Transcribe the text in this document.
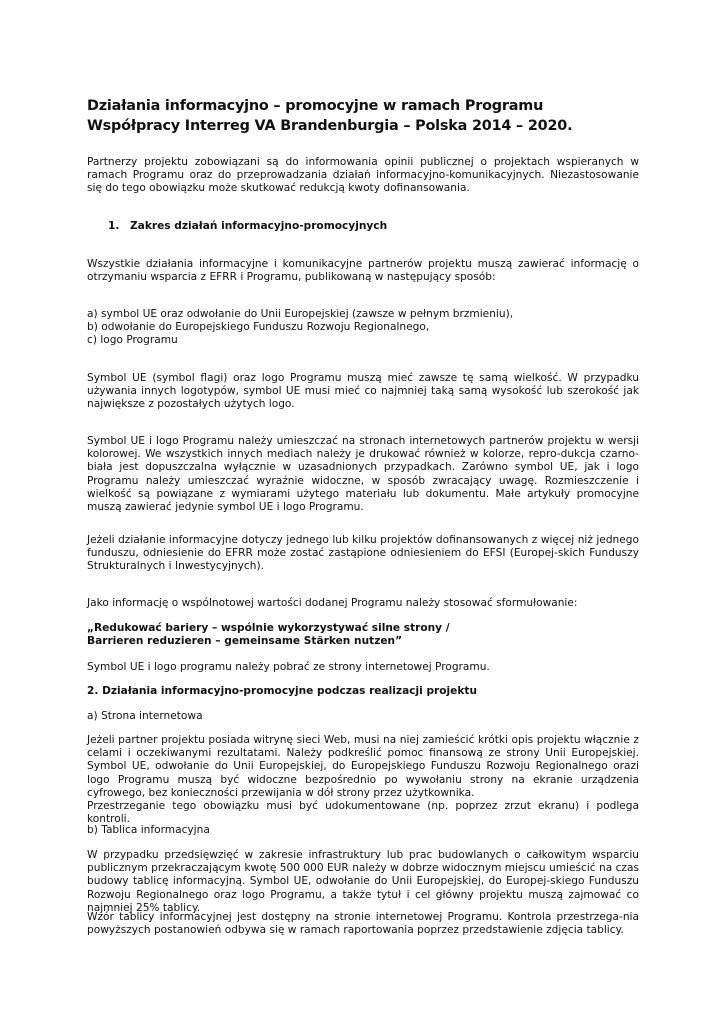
Działania informacyjno – promocyjne w ramach Programu Współpracy Interreg VA Brandenburgia – Polska 2014 – 2020.

Partnerzy projektu zobowiązani są do informowania opinii publicznej o projektach wspieranych w ramach Programu oraz do przeprowadzania działań informacyjno-komunikacyjnych. Niezastosowanie się do tego obowiązku może skutkować redukcją kwoty dofinansowania.

1. Zakres działań informacyjno-promocyjnych

Wszystkie działania informacyjne i komunikacyjne partnerów projektu muszą zawierać informację o otrzymaniu wsparcia z EFRR i Programu, publikowaną w następujący sposób:

a) symbol UE oraz odwołanie do Unii Europejskiej (zawsze w pełnym brzmieniu),

b) odwołanie do Europejskiego Funduszu Rozwoju Regionalnego,

c) logo Programu

Symbol UE (symbol flagi) oraz logo Programu muszą mieć zawsze tę samą wielkość. W przypadku używania innych logotypów, symbol UE musi mieć co najmniej taką samą wysokość lub szerokość jak największe z pozostałych użytych logo.

Symbol UE i logo Programu należy umieszczać na stronach internetowych partnerów projektu w wersji kolorowej. We wszystkich innych mediach należy je drukować również w kolorze, repro-dukcja czarno-biała jest dopuszczalna wyłącznie w uzasadnionych przypadkach. Zarówno symbol UE, jak i logo Programu należy umieszczać wyraźnie widoczne, w sposób zwracający uwagę. Rozmieszczenie i wielkość są powiązane z wymiarami użytego materiału lub dokumentu. Małe artykuły promocyjne muszą zawierać jedynie symbol UE i logo Programu.

Jeżeli działanie informacyjne dotyczy jednego lub kilku projektów dofinansowanych z więcej niż jednego funduszu, odniesienie do EFRR może zostać zastąpione odniesieniem do EFSI (Europej-skich Funduszy Strukturalnych i Inwestycyjnych).

Jako informację o wspólnotowej wartości dodanej Programu należy stosować sformułowanie:

„Redukować bariery – wspólnie wykorzystywać silne strony /

Barrieren reduzieren – gemeinsame Stärken nutzen”

Symbol UE i logo programu należy pobrać ze strony internetowej Programu.

2. Działania informacyjno-promocyjne podczas realizacji projektu

a) Strona internetowa

Jeżeli partner projektu posiada witrynę sieci Web, musi na niej zamieścić krótki opis projektu włącznie z celami i oczekiwanymi rezultatami. Należy podkreślić pomoc finansową ze strony Unii Europejskiej. Symbol UE, odwołanie do Unii Europejskiej, do Europejskiego Funduszu Rozwoju Regionalnego orazi logo Programu muszą być widoczne bezpośrednio po wywołaniu strony na ekranie urządzenia cyfrowego, bez konieczności przewijania w dół strony przez użytkownika.

Przestrzeganie tego obowiązku musi być udokumentowane (np. poprzez zrzut ekranu) i podlega kontroli.

b) Tablica informacyjna

W przypadku przedsięwzięć w zakresie infrastruktury lub prac budowlanych o całkowitym wsparciu publicznym przekraczającym kwotę 500 000 EUR należy w dobrze widocznym miejscu umieścić na czas budowy tablicę informacyjną. Symbol UE, odwołanie do Unii Europejskiej, do Europej-skiego Funduszu Rozwoju Regionalnego oraz logo Programu, a także tytuł i cel główny projektu muszą zajmować co najmniej 25% tablicy.

Wzór tablicy informacyjnej jest dostępny na stronie internetowej Programu. Kontrola przestrzega-nia powyższych postanowień odbywa się w ramach raportowania poprzez przedstawienie zdjęcia tablicy.
